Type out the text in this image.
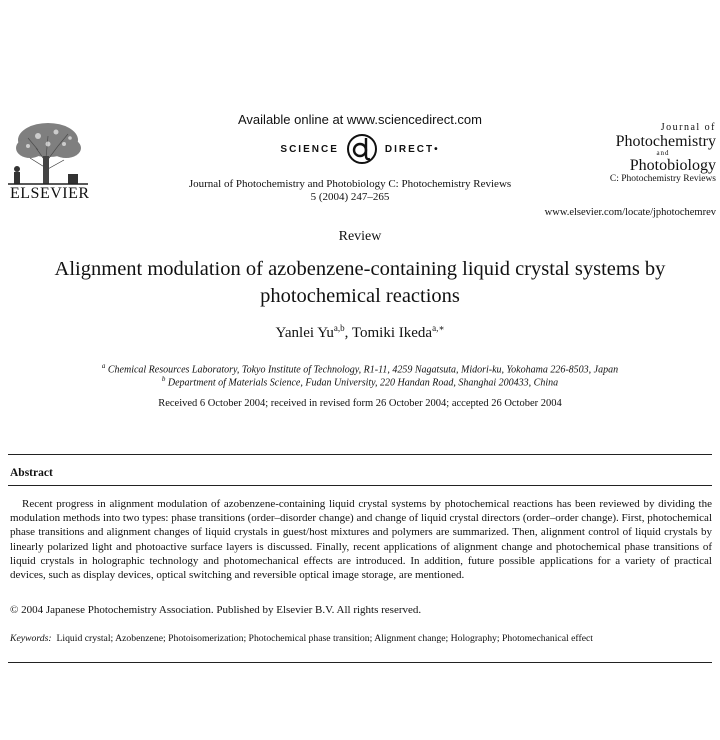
ELSEVIER
Available online at www.sciencedirect.com
SCIENCE	DIRECT•
Journal of Photochemistry and Photobiology C: Photochemistry Reviews
5 (2004) 247–265
Journal of
Photochemistry
and
Photobiology
C: Photochemistry Reviews
www.elsevier.com/locate/jphotochemrev
Review
Alignment modulation of azobenzene-containing liquid crystal systems by photochemical reactions
Yanlei Yu$^{a,b}$, Tomiki Ikeda$^{a,∗}$
$^a$ Chemical Resources Laboratory, Tokyo Institute of Technology, R1-11, 4259 Nagatsuta, Midori-ku, Yokohama 226-8503, Japan
$^b$ Department of Materials Science, Fudan University, 220 Handan Road, Shanghai 200433, China
Received 6 October 2004; received in revised form 26 October 2004; accepted 26 October 2004
Abstract
Recent progress in alignment modulation of azobenzene-containing liquid crystal systems by photochemical reactions has been reviewed by dividing the modulation methods into two types: phase transitions (order–disorder change) and change of liquid crystal directors (order–order change). First, photochemical phase transitions and alignment changes of liquid crystals in guest/host mixtures and polymers are summarized. Then, alignment control of liquid crystals by linearly polarized light and photoactive surface layers is discussed. Finally, recent applications of alignment change and photochemical phase transitions of liquid crystals in holographic technology and photomechanical effects are introduced. In addition, future possible applications for a variety of practical devices, such as display devices, optical switching and reversible optical image storage, are mentioned.
© 2004 Japanese Photochemistry Association. Published by Elsevier B.V. All rights reserved.
Keywords: Liquid crystal; Azobenzene; Photoisomerization; Photochemical phase transition; Alignment change; Holography; Photomechanical effect
